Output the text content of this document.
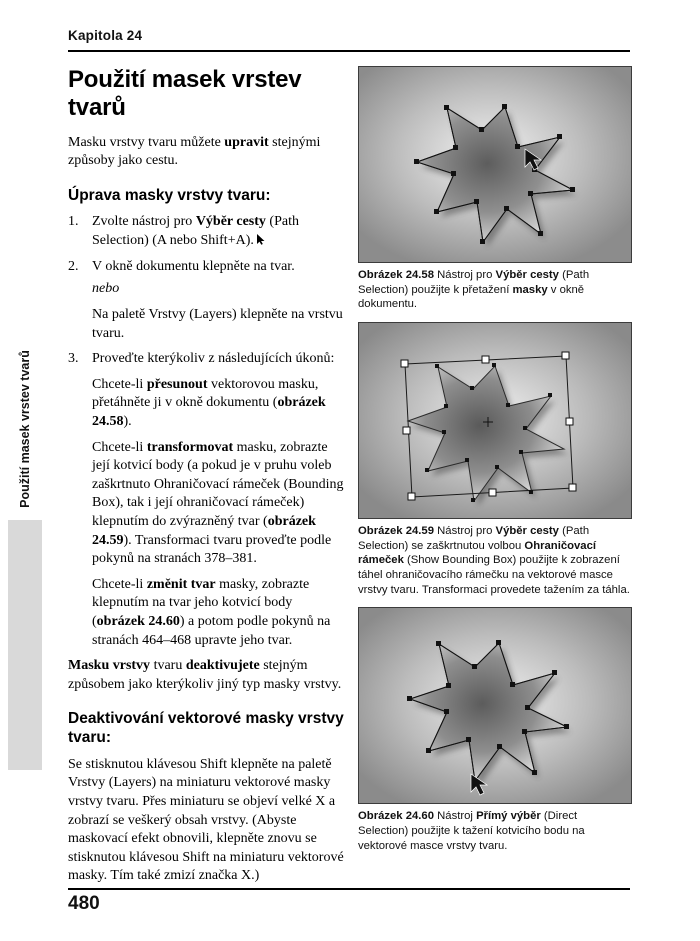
Kapitola 24
Použití masek vrstev tvarů
Použití masek vrstev tvarů

Masku vrstvy tvaru můžete upravit stejnými způsoby jako cestu.

Úprava masky vrstvy tvaru:
1. Zvolte nástroj pro Výběr cesty (Path Selection) (A nebo Shift+A).
2. V okně dokumentu klepněte na tvar.
nebo
Na paletě Vrstvy (Layers) klepněte na vrstvu tvaru.
3. Proveďte kterýkoliv z následujících úkonů:

Chcete-li přesunout vektorovou masku, přetáhněte ji v okně dokumentu (obrázek 24.58).

Chcete-li transformovat masku, zobrazte její kotvicí body (a pokud je v pruhu voleb zaškrtnuto Ohraničovací rámeček (Bounding Box), tak i její ohraničovací rámeček) klepnutím do zvýrazněný tvar (obrázek 24.59). Transformaci tvaru proveďte podle pokynů na stranách 378–381.

Chcete-li změnit tvar masky, zobrazte klepnutím na tvar jeho kotvicí body (obrázek 24.60) a potom podle pokynů na stranách 464–468 upravte jeho tvar.

Masku vrstvy tvaru deaktivujete stejným způsobem jako kterýkoliv jiný typ masky vrstvy.

Deaktivování vektorové masky vrstvy tvaru:

Se stisknutou klávesou Shift klepněte na paletě Vrstvy (Layers) na miniaturu vektorové masky vrstvy tvaru. Přes miniaturu se objeví velké X a zobrazí se veškerý obsah vrstvy. (Abyste maskovací efekt obnovili, klepněte znovu se stisknutou klávesou Shift na miniaturu vektorové masky. Tím také zmizí značka X.)

Obrázek 24.58 Nástroj pro Výběr cesty (Path Selection) použijte k přetažení masky v okně dokumentu.
Obrázek 24.59 Nástroj pro Výběr cesty (Path Selection) se zaškrtnutou volbou Ohraničovací rámeček (Show Bounding Box) použijte k zobrazení táhel ohraničovacího rámečku na vektorové masce vrstvy tvaru. Transformaci provedete tažením za táhla.
Obrázek 24.60 Nástroj Přímý výběr (Direct Selection) použijte k tažení kotvicího bodu na vektorové masce vrstvy tvaru.
480
